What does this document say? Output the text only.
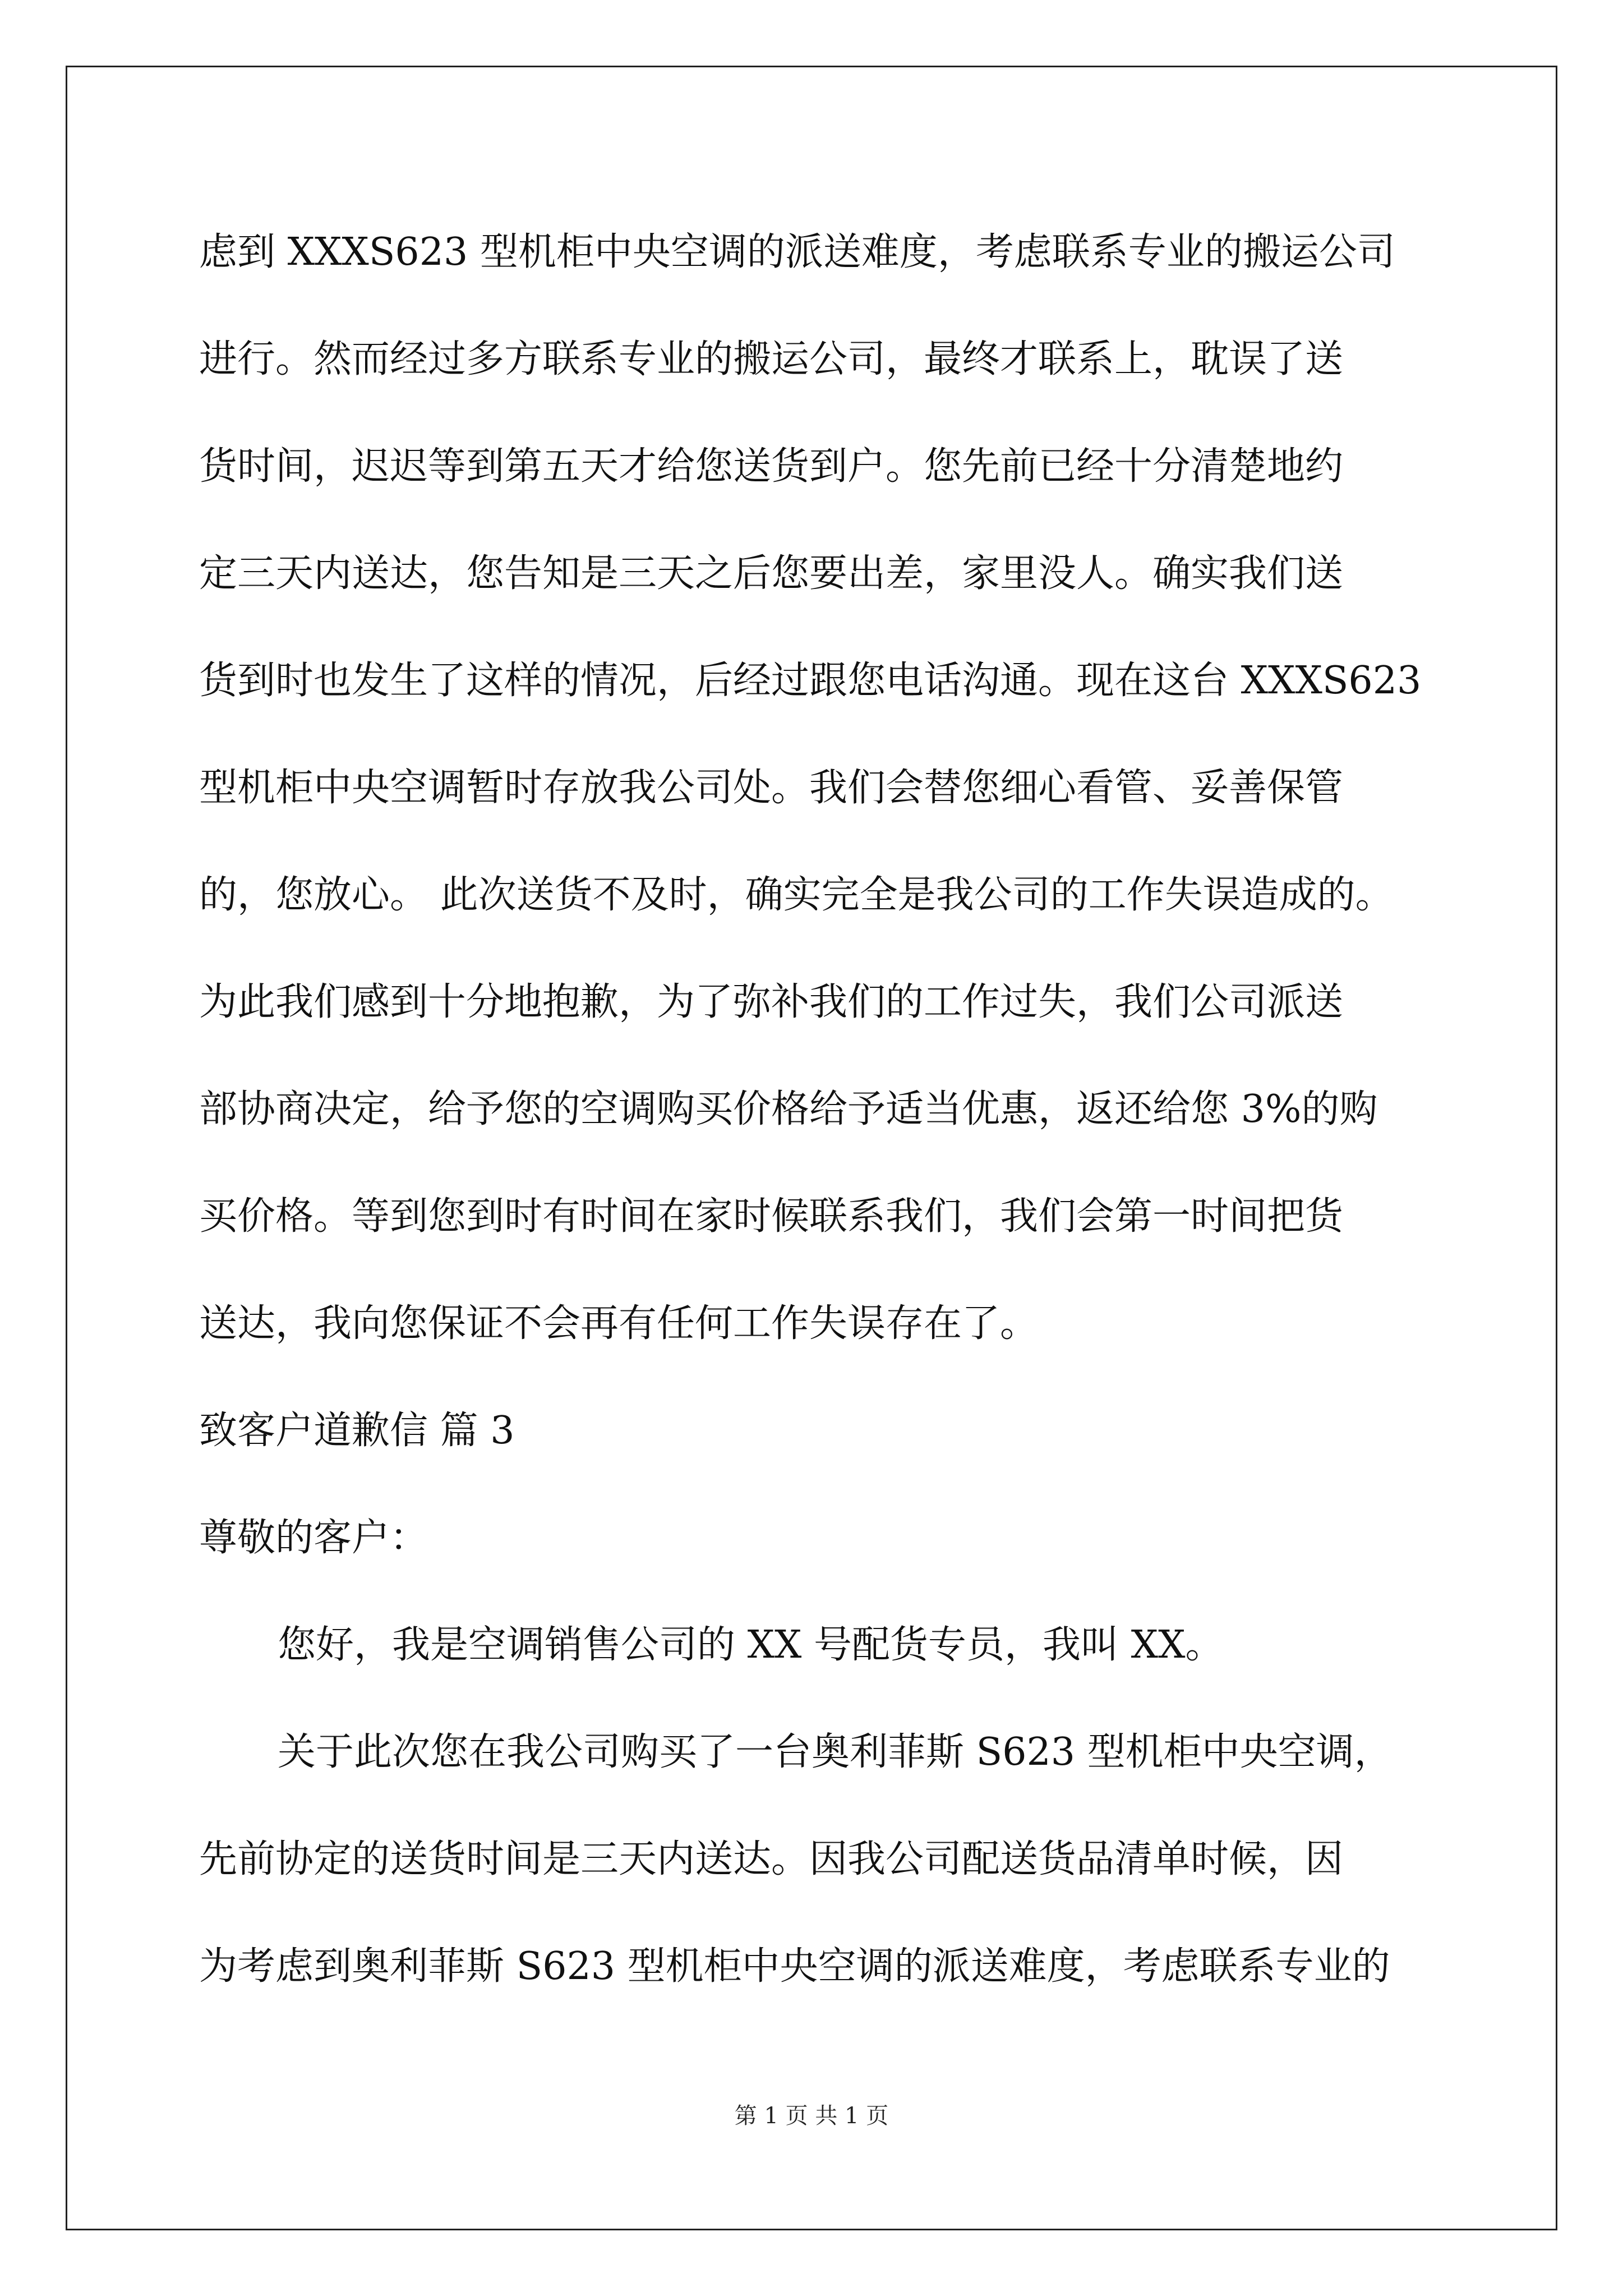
虑到 XXXS623 型机柜中央空调的派送难度，考虑联系专业的搬运公司
进行。然而经过多方联系专业的搬运公司，最终才联系上，耽误了送
货时间，迟迟等到第五天才给您送货到户。您先前已经十分清楚地约
定三天内送达，您告知是三天之后您要出差，家里没人。确实我们送
货到时也发生了这样的情况，后经过跟您电话沟通。现在这台 XXXS623
型机柜中央空调暂时存放我公司处。我们会替您细心看管、妥善保管
的，您放心。 此次送货不及时，确实完全是我公司的工作失误造成的。
为此我们感到十分地抱歉，为了弥补我们的工作过失，我们公司派送
部协商决定，给予您的空调购买价格给予适当优惠，返还给您 3%的购
买价格。等到您到时有时间在家时候联系我们，我们会第一时间把货
送达，我向您保证不会再有任何工作失误存在了。
致客户道歉信 篇 3
尊敬的客户：
您好，我是空调销售公司的 XX 号配货专员，我叫 XX。
关于此次您在我公司购买了一台奥利菲斯 S623 型机柜中央空调，
先前协定的送货时间是三天内送达。因我公司配送货品清单时候，因
为考虑到奥利菲斯 S623 型机柜中央空调的派送难度，考虑联系专业的
第 1 页 共 1 页
